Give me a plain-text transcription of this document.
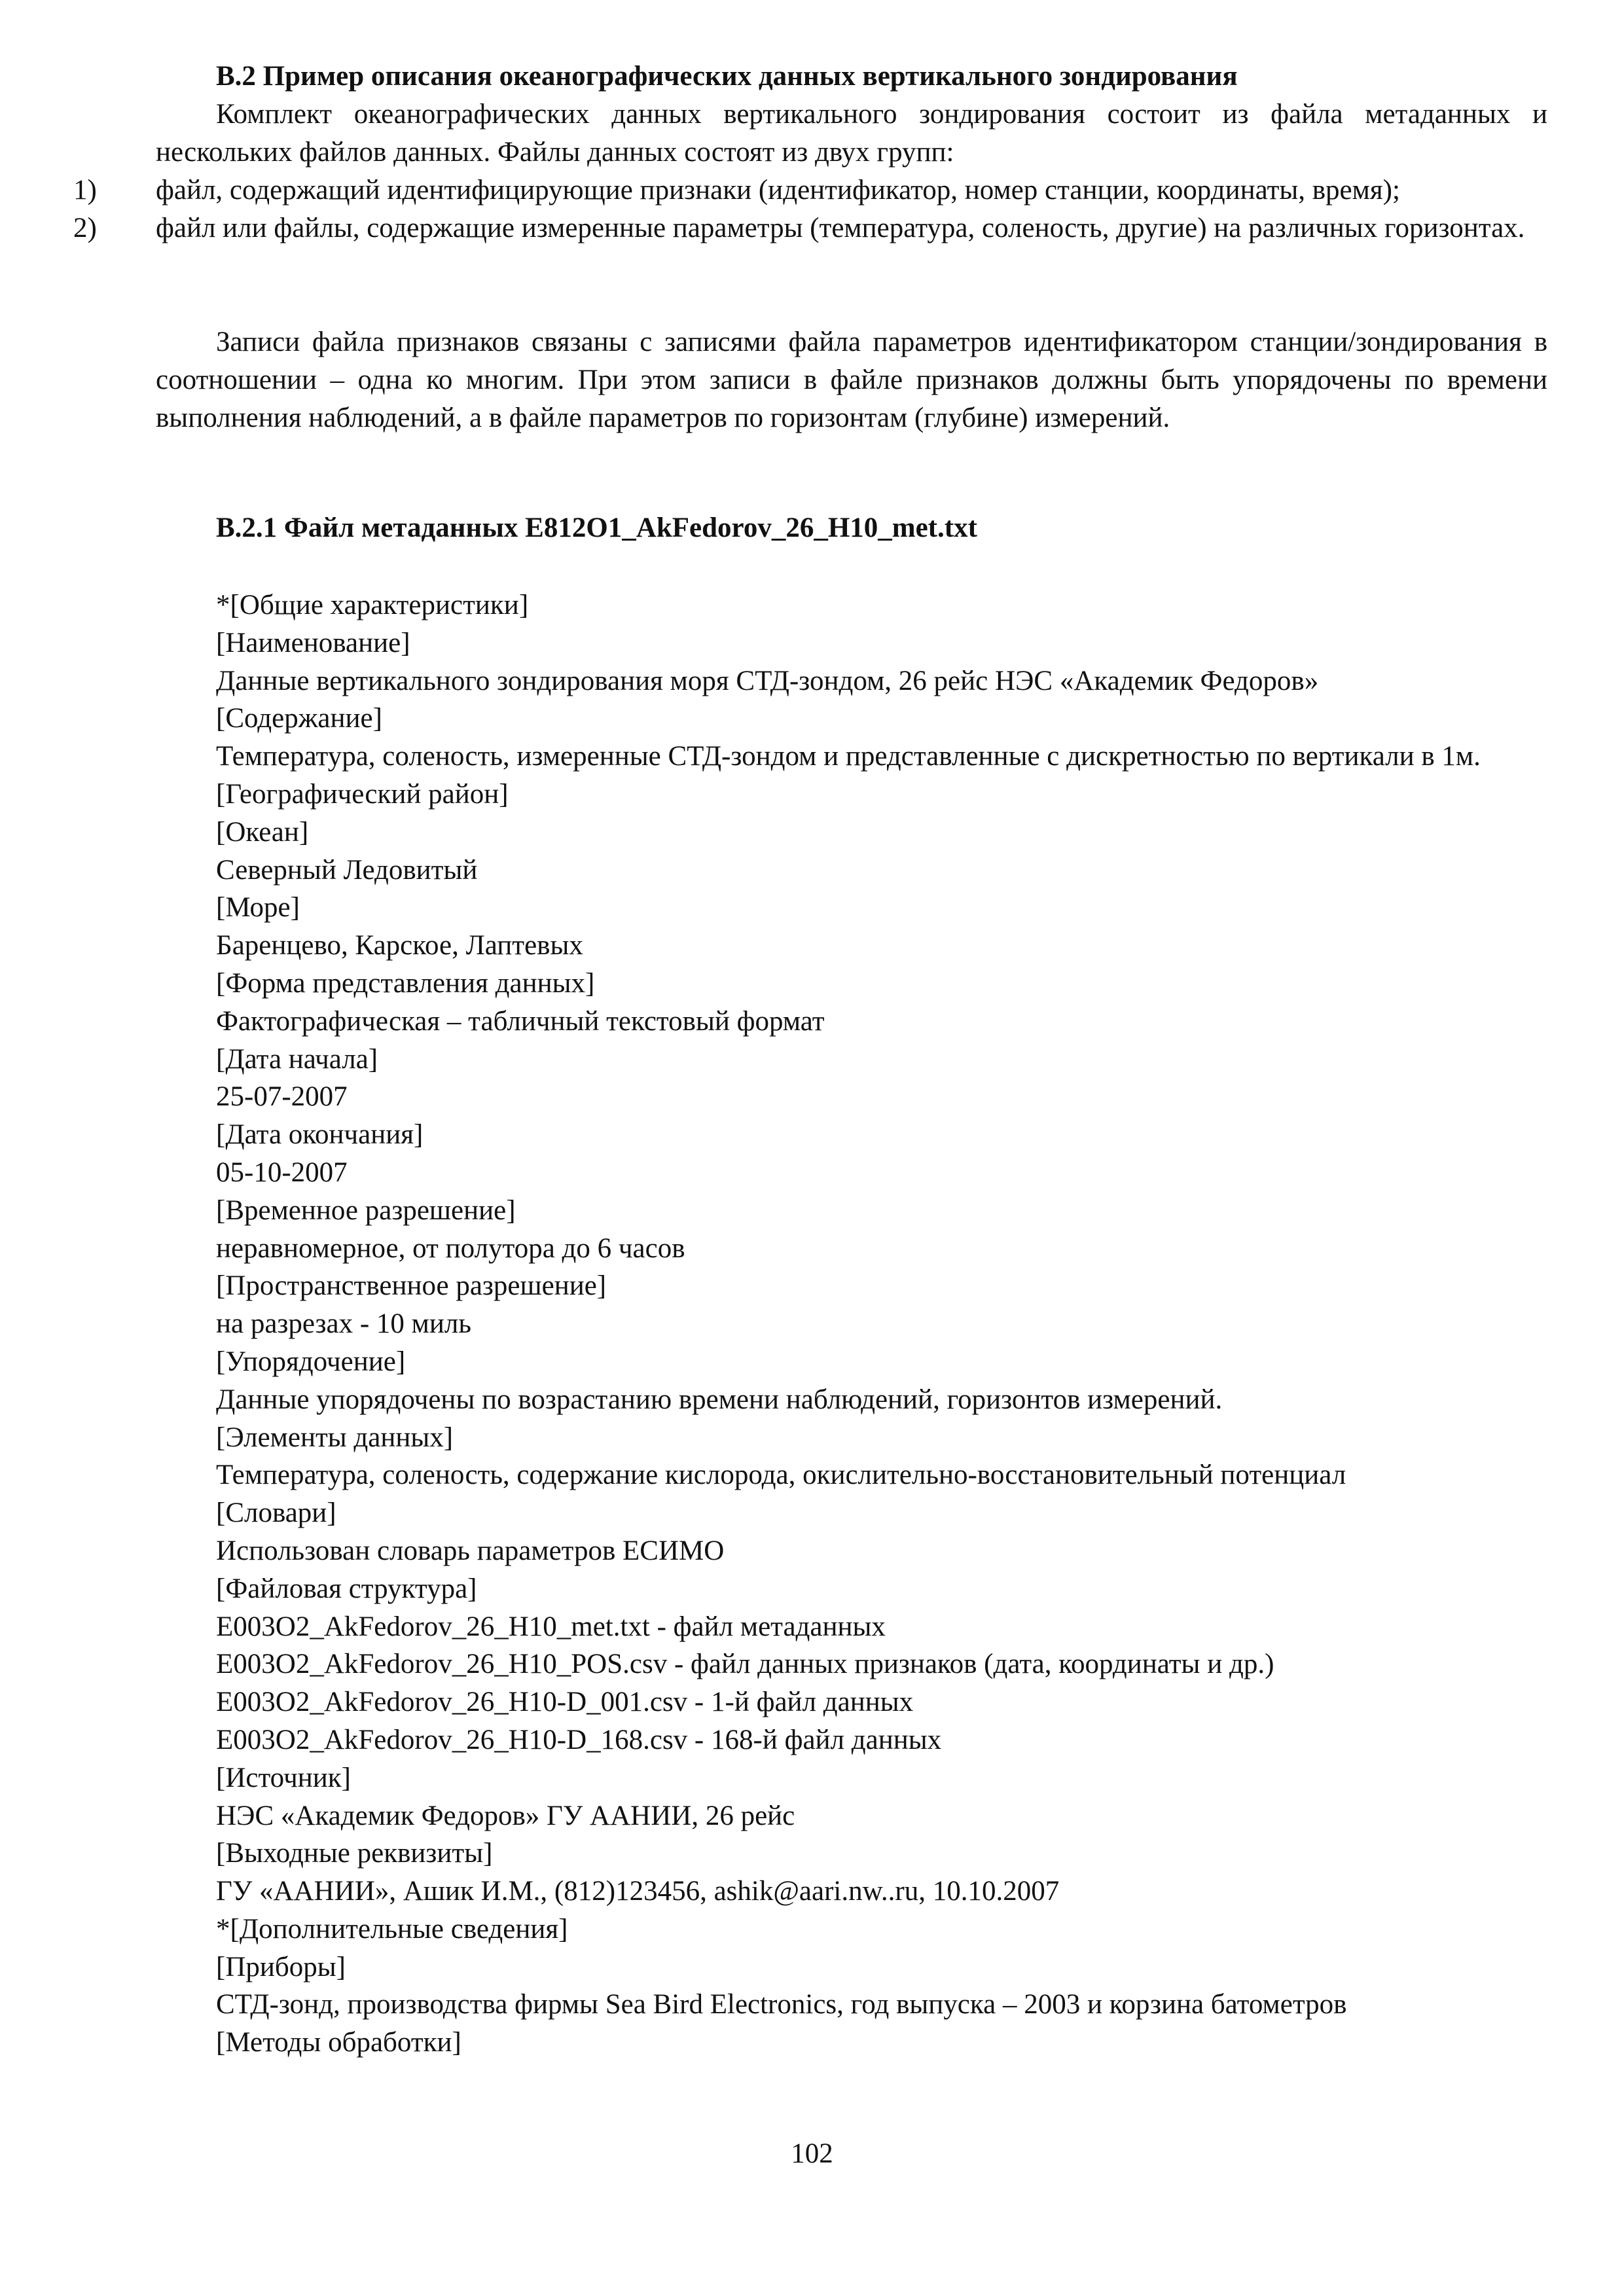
В.2 Пример описания океанографических данных вертикального зондирования
Комплект океанографических данных вертикального зондирования состоит из файла метаданных и нескольких файлов данных. Файлы данных состоят из двух групп:
1) файл, содержащий идентифицирующие признаки (идентификатор, номер станции, координаты, время);
2) файл или файлы, содержащие измеренные параметры (температура, соленость, другие) на различных горизонтах.
Записи файла признаков связаны с записями файла параметров идентификатором станции/зондирования в соотношении – одна ко многим. При этом записи в файле признаков должны быть упорядочены по времени выполнения наблюдений, а в файле параметров по горизонтам (глубине) измерений.
В.2.1 Файл метаданных E812O1_AkFedorov_26_H10_met.txt
*[Общие характеристики]
[Наименование]
Данные вертикального зондирования моря СТД-зондом, 26 рейс НЭС «Академик Федоров»
[Содержание]
Температура, соленость, измеренные СТД-зондом и представленные с дискретностью по вертикали в 1м.
[Географический район]
[Океан]
Северный Ледовитый
[Море]
Баренцево, Карское, Лаптевых
[Форма представления данных]
Фактографическая – табличный текстовый формат
[Дата начала]
25-07-2007
[Дата окончания]
05-10-2007
[Временное разрешение]
неравномерное, от полутора до 6 часов
[Пространственное разрешение]
на разрезах - 10 миль
[Упорядочение]
Данные упорядочены по возрастанию времени наблюдений, горизонтов измерений.
[Элементы данных]
Температура, соленость, содержание кислорода, окислительно-восстановительный потенциал
[Словари]
Использован словарь параметров ЕСИМО
[Файловая структура]
E003O2_AkFedorov_26_H10_met.txt - файл метаданных
E003O2_AkFedorov_26_H10_POS.csv - файл данных признаков (дата, координаты и др.)
E003O2_AkFedorov_26_H10-D_001.csv - 1-й файл данных
E003O2_AkFedorov_26_H10-D_168.csv - 168-й файл данных
[Источник]
НЭС «Академик Федоров» ГУ ААНИИ, 26 рейс
[Выходные реквизиты]
ГУ «ААНИИ», Ашик И.М., (812)123456, ashik@aari.nw..ru, 10.10.2007
*[Дополнительные сведения]
[Приборы]
СТД-зонд, производства фирмы Sea Bird Electronics, год выпуска – 2003 и корзина батометров
[Методы обработки]
102
